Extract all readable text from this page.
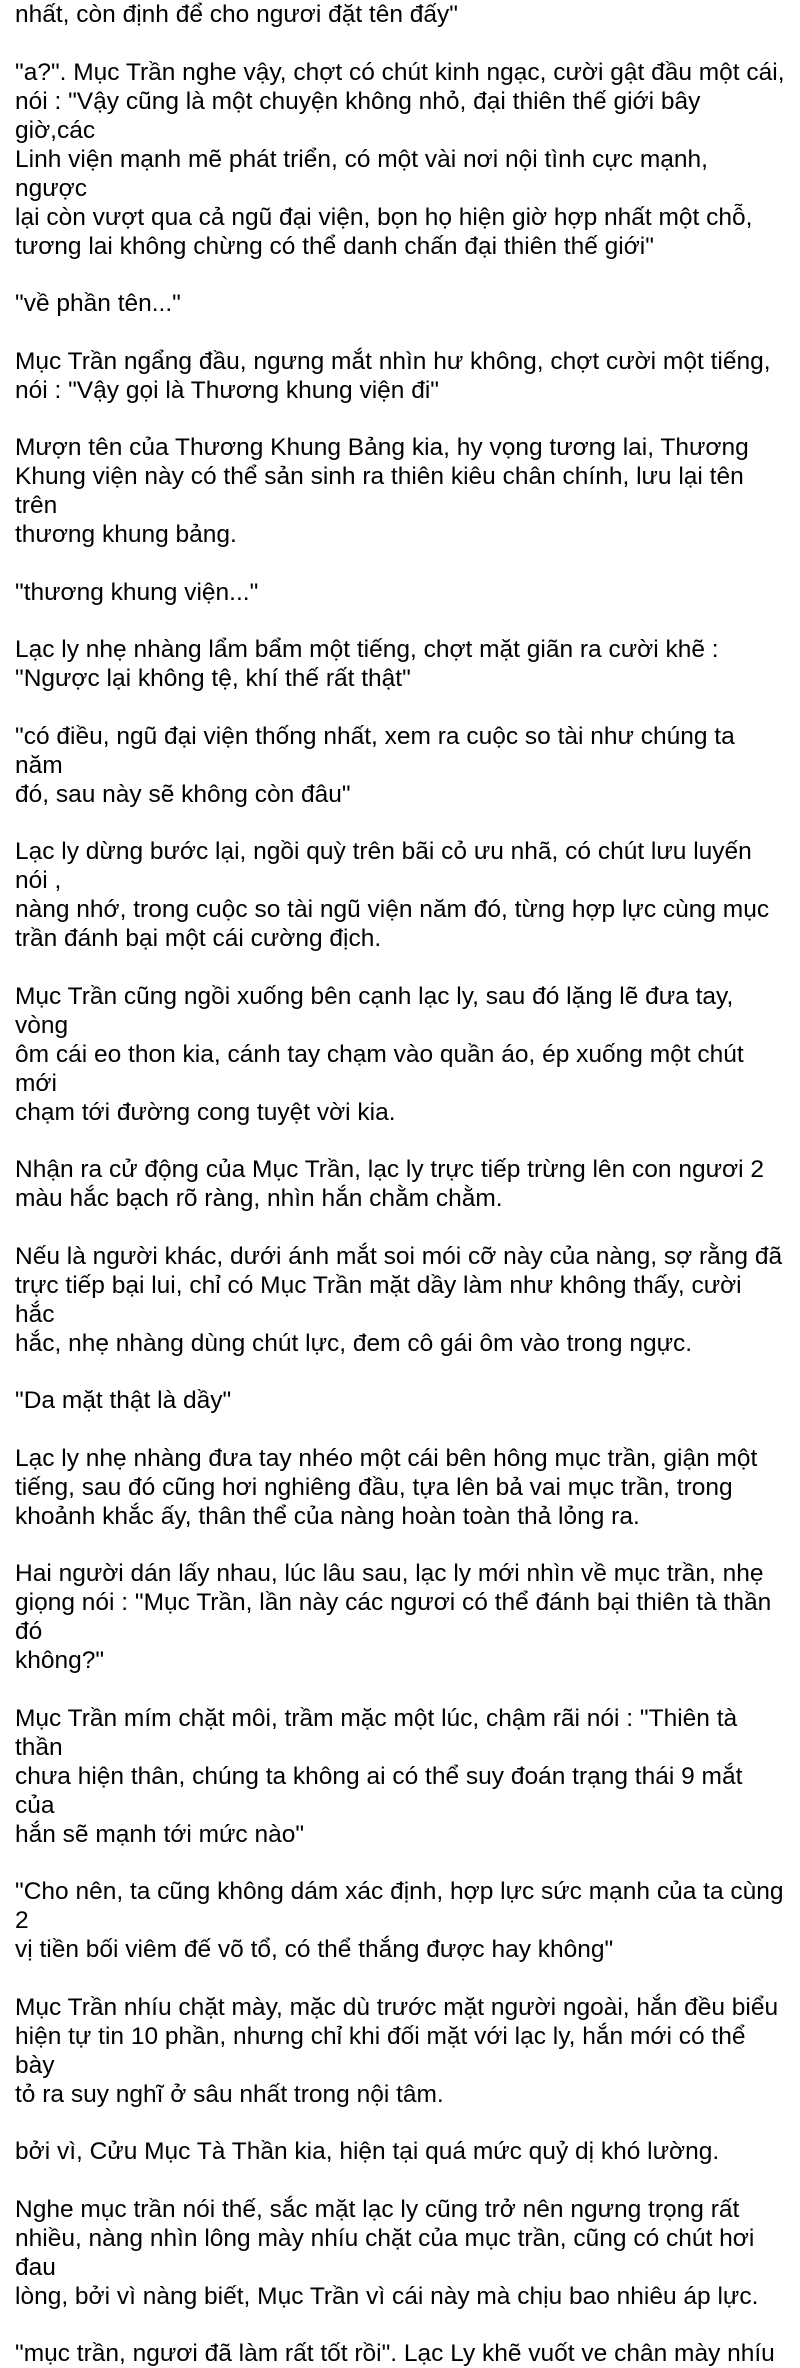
nhất, còn định để cho ngươi đặt tên đấy"

"a?". Mục Trần nghe vậy, chợt có chút kinh ngạc, cười gật đầu một cái,
nói : "Vậy cũng là một chuyện không nhỏ, đại thiên thế giới bây giờ,các
Linh viện mạnh mẽ phát triển, có một vài nơi nội tình cực mạnh, ngược
lại còn vượt qua cả ngũ đại viện, bọn họ hiện giờ hợp nhất một chỗ,
tương lai không chừng có thể danh chấn đại thiên thế giới"

"về phần tên..."

Mục Trần ngẩng đầu, ngưng mắt nhìn hư không, chợt cười một tiếng,
nói : "Vậy gọi là Thương khung viện đi"

Mượn tên của Thương Khung Bảng kia, hy vọng tương lai, Thương
Khung viện này có thể sản sinh ra thiên kiêu chân chính, lưu lại tên trên
thương khung bảng.

"thương khung viện..."

Lạc ly nhẹ nhàng lẩm bẩm một tiếng, chợt mặt giãn ra cười khẽ :
"Ngược lại không tệ, khí thế rất thật"

"có điều, ngũ đại viện thống nhất, xem ra cuộc so tài như chúng ta năm
đó, sau này sẽ không còn đâu"

Lạc ly dừng bước lại, ngồi quỳ trên bãi cỏ ưu nhã, có chút lưu luyến nói ,
nàng nhớ, trong cuộc so tài ngũ viện năm đó, từng hợp lực cùng mục
trần đánh bại một cái cường địch.

Mục Trần cũng ngồi xuống bên cạnh lạc ly, sau đó lặng lẽ đưa tay, vòng
ôm cái eo thon kia, cánh tay chạm vào quần áo, ép xuống một chút mới
chạm tới đường cong tuyệt vời kia.

Nhận ra cử động của Mục Trần, lạc ly trực tiếp trừng lên con ngươi 2
màu hắc bạch rõ ràng, nhìn hắn chằm chằm.

Nếu là người khác, dưới ánh mắt soi mói cỡ này của nàng, sợ rằng đã
trực tiếp bại lui, chỉ có Mục Trần mặt dầy làm như không thấy, cười hắc
hắc, nhẹ nhàng dùng chút lực, đem cô gái ôm vào trong ngực.

"Da mặt thật là dầy"

Lạc ly nhẹ nhàng đưa tay nhéo một cái bên hông mục trần, giận một
tiếng, sau đó cũng hơi nghiêng đầu, tựa lên bả vai mục trần, trong
khoảnh khắc ấy, thân thể của nàng hoàn toàn thả lỏng ra.

Hai người dán lấy nhau, lúc lâu sau, lạc ly mới nhìn về mục trần, nhẹ
giọng nói : "Mục Trần, lần này các ngươi có thể đánh bại thiên tà thần đó
không?"

Mục Trần mím chặt môi, trầm mặc một lúc, chậm rãi nói : "Thiên tà thần
chưa hiện thân, chúng ta không ai có thể suy đoán trạng thái 9 mắt của
hắn sẽ mạnh tới mức nào"

"Cho nên, ta cũng không dám xác định, hợp lực sức mạnh của ta cùng 2
vị tiền bối viêm đế võ tổ, có thể thắng được hay không"

Mục Trần nhíu chặt mày, mặc dù trước mặt người ngoài, hắn đều biểu
hiện tự tin 10 phần, nhưng chỉ khi đối mặt với lạc ly, hắn mới có thể bày
tỏ ra suy nghĩ ở sâu nhất trong nội tâm.

bởi vì, Cửu Mục Tà Thần kia, hiện tại quá mức quỷ dị khó lường.

Nghe mục trần nói thế, sắc mặt lạc ly cũng trở nên ngưng trọng rất
nhiều, nàng nhìn lông mày nhíu chặt của mục trần, cũng có chút hơi đau
lòng, bởi vì nàng biết, Mục Trần vì cái này mà chịu bao nhiêu áp lực.

"mục trần, ngươi đã làm rất tốt rồi". Lạc Ly khẽ vuốt ve chân mày nhíu
